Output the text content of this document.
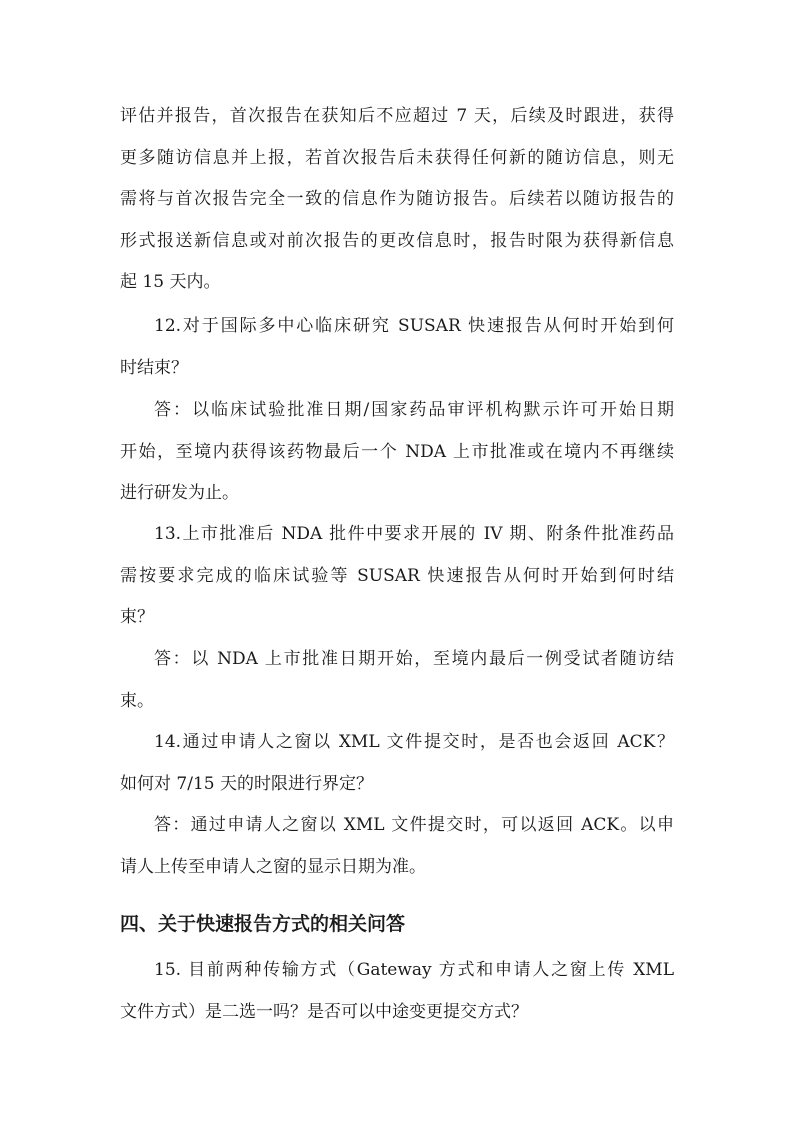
评估并报告，首次报告在获知后不应超过 7 天，后续及时跟进，获得

更多随访信息并上报，若首次报告后未获得任何新的随访信息，则无

需将与首次报告完全一致的信息作为随访报告。后续若以随访报告的

形式报送新信息或对前次报告的更改信息时，报告时限为获得新信息

起 15 天内。

12.对于国际多中心临床研究 SUSAR 快速报告从何时开始到何

时结束？

答：以临床试验批准日期/国家药品审评机构默示许可开始日期

开始，至境内获得该药物最后一个 NDA 上市批准或在境内不再继续

进行研发为止。

13.上市批准后 NDA 批件中要求开展的 IV 期、附条件批准药品

需按要求完成的临床试验等 SUSAR 快速报告从何时开始到何时结

束？

答：以 NDA 上市批准日期开始，至境内最后一例受试者随访结

束。

14.通过申请人之窗以 XML 文件提交时，是否也会返回 ACK？

如何对 7/15 天的时限进行界定？

答：通过申请人之窗以 XML 文件提交时，可以返回 ACK。以申

请人上传至申请人之窗的显示日期为准。

四、关于快速报告方式的相关问答

15. 目前两种传输方式（Gateway 方式和申请人之窗上传 XML

文件方式）是二选一吗？是否可以中途变更提交方式？
